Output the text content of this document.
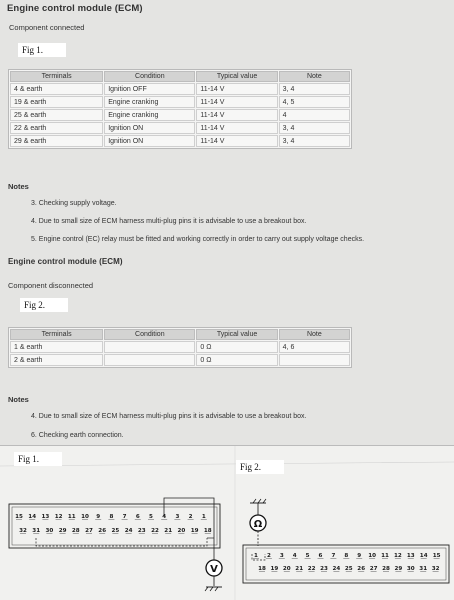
Engine control module (ECM)
Component connected
Fig 1.
Terminals	Condition	Typical value	Note
4 & earth	Ignition OFF	11-14 V	3, 4
19 & earth	Engine cranking	11-14 V	4, 5
25 & earth	Engine cranking	11-14 V	4
22 & earth	Ignition ON	11-14 V	3, 4
29 & earth	Ignition ON	11-14 V	3, 4
Notes
3. Checking supply voltage.
4. Due to small size of ECM harness multi-plug pins it is advisable to use a breakout box.
5. Engine control (EC) relay must be fitted and working correctly in order to carry out supply voltage checks.
Engine control module (ECM)
Component disconnected
Fig 2.
Terminals	Condition	Typical value	Note
1 & earth		0 Ω	4, 6
2 & earth		0 Ω	
Notes
4. Due to small size of ECM harness multi-plug pins it is advisable to use a breakout box.
6. Checking earth connection.
15 14 13 12 11 10 9 8 7 6 5 4 3 2 1
32 31 30 29 28 27 26 25 24 23 22 21 20 19 18
V
1 2 3 4 5 6 7 8 9 10 11 12 13 14 15
18 19 20 21 22 23 24 25 26 27 28 29 30 31 32
Ω
Fig 1.
Fig 2.
